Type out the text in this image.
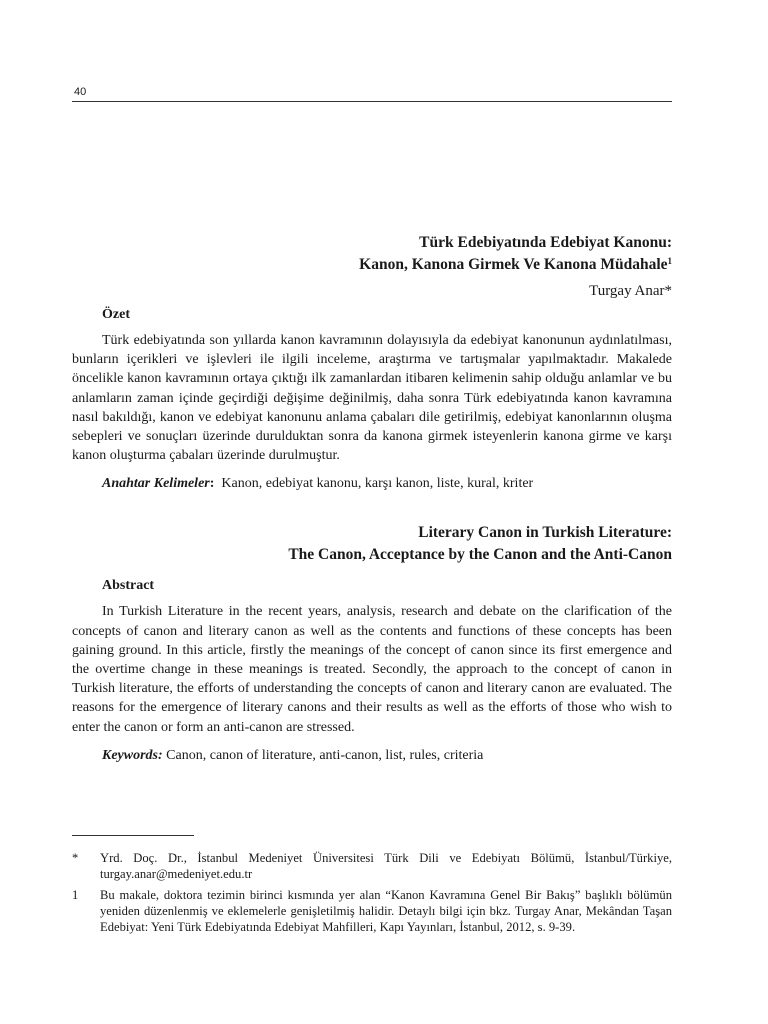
40
Türk Edebiyatında Edebiyat Kanonu:
Kanon, Kanona Girmek Ve Kanona Müdahale$^1$
Turgay Anar*
Özet

Türk edebiyatında son yıllarda kanon kavramının dolayısıyla da edebiyat kanonunun aydınlatılması, bunların içerikleri ve işlevleri ile ilgili inceleme, araştırma ve tartışmalar yapılmaktadır. Makalede öncelikle kanon kavramının ortaya çıktığı ilk zamanlardan itibaren kelimenin sahip olduğu anlamlar ve bu anlamların zaman içinde geçirdiği değişime değinilmiş, daha sonra Türk edebiyatında kanon kavramına nasıl bakıldığı, kanon ve edebiyat kanonunu anlama çabaları dile getirilmiş, edebiyat kanonlarının oluşma sebepleri ve sonuçları üzerinde durulduktan sonra da kanona girmek isteyenlerin kanona girme ve karşı kanon oluşturma çabaları üzerinde durulmuştur.

Anahtar Kelimeler: Kanon, edebiyat kanonu, karşı kanon, liste, kural, kriter
Literary Canon in Turkish Literature:
The Canon, Acceptance by the Canon and the Anti-Canon
Abstract

In Turkish Literature in the recent years, analysis, research and debate on the clarification of the concepts of canon and literary canon as well as the contents and functions of these concepts has been gaining ground. In this article, firstly the meanings of the concept of canon since its first emergence and the overtime change in these meanings is treated. Secondly, the approach to the concept of canon in Turkish literature, the efforts of understanding the concepts of canon and literary canon are evaluated. The reasons for the emergence of literary canons and their results as well as the efforts of those who wish to enter the canon or form an anti-canon are stressed.

Keywords: Canon, canon of literature, anti-canon, list, rules, criteria
*	Yrd. Doç. Dr., İstanbul Medeniyet Üniversitesi Türk Dili ve Edebiyatı Bölümü, İstanbul/Türkiye, turgay.anar@medeniyet.edu.tr
1	Bu makale, doktora tezimin birinci kısmında yer alan “Kanon Kavramına Genel Bir Bakış” başlıklı bölümün yeniden düzenlenmiş ve eklemelerle genişletilmiş halidir. Detaylı bilgi için bkz. Turgay Anar, Mekândan Taşan Edebiyat: Yeni Türk Edebiyatında Edebiyat Mahfilleri, Kapı Yayınları, İstanbul, 2012, s. 9-39.
